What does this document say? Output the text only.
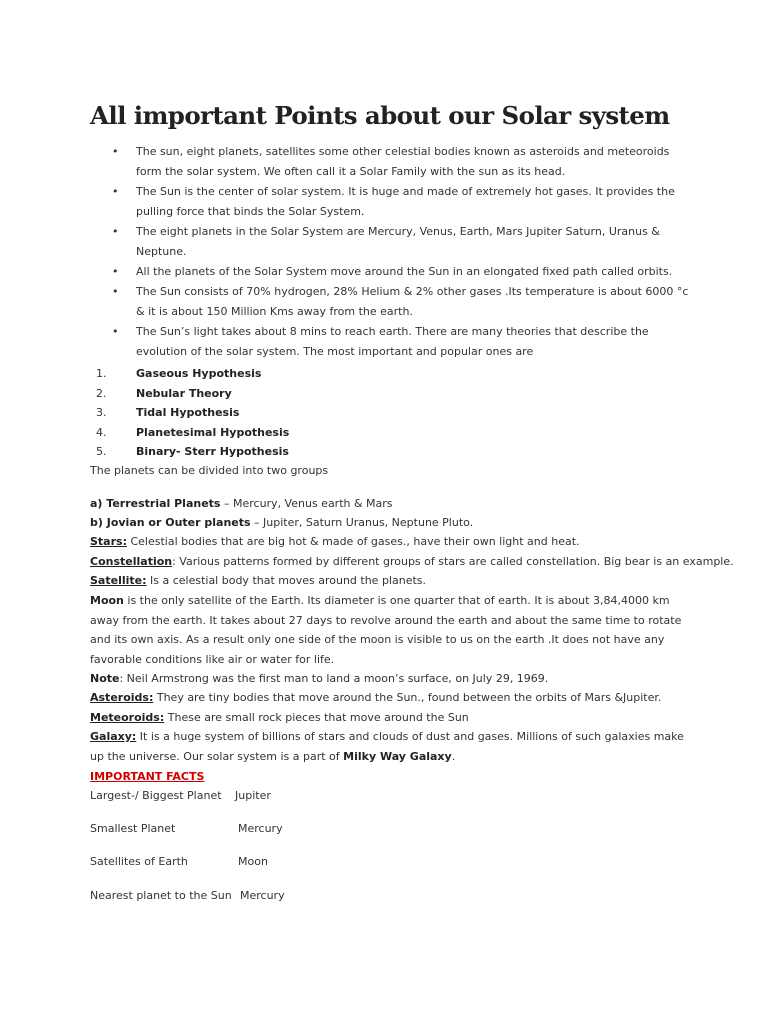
All important Points about our Solar system
• The sun, eight planets, satellites some other celestial bodies known as asteroids and meteoroids form the solar system. We often call it a Solar Family with the sun as its head.
• The Sun is the center of solar system. It is huge and made of extremely hot gases. It provides the pulling force that binds the Solar System.
• The eight planets in the Solar System are Mercury, Venus, Earth, Mars Jupiter Saturn, Uranus & Neptune.
• All the planets of the Solar System move around the Sun in an elongated fixed path called orbits.
• The Sun consists of 70% hydrogen, 28% Helium & 2% other gases .Its temperature is about 6000 °c & it is about 150 Million Kms away from the earth.
• The Sun’s light takes about 8 mins to reach earth. There are many theories that describe the evolution of the solar system. The most important and popular ones are
1.	Gaseous Hypothesis
2.	Nebular Theory
3.	Tidal Hypothesis
4.	Planetesimal Hypothesis
5.	Binary- Sterr Hypothesis
The planets can be divided into two groups
a) Terrestrial Planets – Mercury, Venus earth & Mars
b) Jovian or Outer planets – Jupiter, Saturn Uranus, Neptune Pluto.
Stars: Celestial bodies that are big hot & made of gases., have their own light and heat.
Constellation: Various patterns formed by different groups of stars are called constellation. Big bear is an example.
Satellite: Is a celestial body that moves around the planets.
Moon is the only satellite of the Earth. Its diameter is one quarter that of earth. It is about 3,84,4000 km away from the earth. It takes about 27 days to revolve around the earth and about the same time to rotate and its own axis. As a result only one side of the moon is visible to us on the earth .It does not have any favorable conditions like air or water for life.
Note: Neil Armstrong was the first man to land a moon’s surface, on July 29, 1969.
Asteroids: They are tiny bodies that move around the Sun., found between the orbits of Mars &Jupiter.
Meteoroids: These are small rock pieces that move around the Sun
Galaxy: It is a huge system of billions of stars and clouds of dust and gases. Millions of such galaxies make up the universe. Our solar system is a part of Milky Way Galaxy.
IMPORTANT FACTS
Largest-/ Biggest Planet Jupiter
Smallest Planet	Mercury
Satellites of Earth	Moon
Nearest planet to the Sun Mercury
